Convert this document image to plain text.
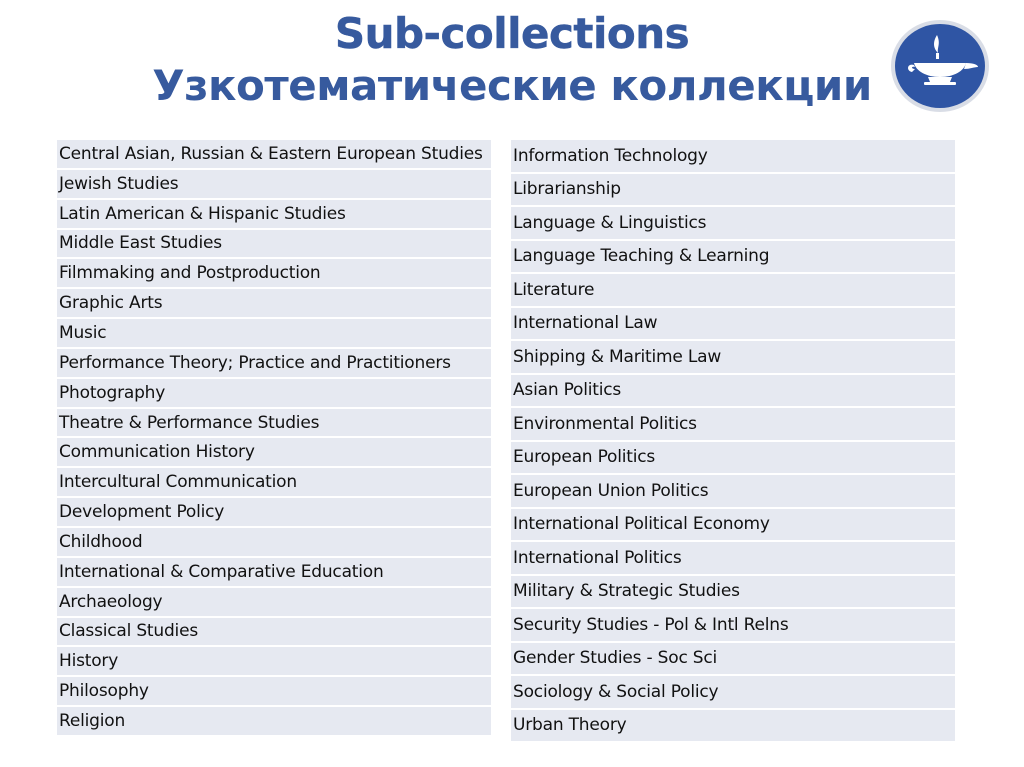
Sub-collections
Узкотематические коллекции
Central Asian, Russian & Eastern European Studies
Jewish Studies
Latin American & Hispanic Studies
Middle East Studies
Filmmaking and Postproduction
Graphic Arts
Music
Performance Theory; Practice and Practitioners
Photography
Theatre & Performance Studies
Communication History
Intercultural Communication
Development Policy
Childhood
International & Comparative Education
Archaeology
Classical Studies
History
Philosophy
Religion
Information Technology
Librarianship
Language & Linguistics
Language Teaching & Learning
Literature
International Law
Shipping & Maritime Law
Asian Politics
Environmental Politics
European Politics
European Union Politics
International Political Economy
International Politics
Military & Strategic Studies
Security Studies - Pol & Intl Relns
Gender Studies - Soc Sci
Sociology & Social Policy
Urban Theory
